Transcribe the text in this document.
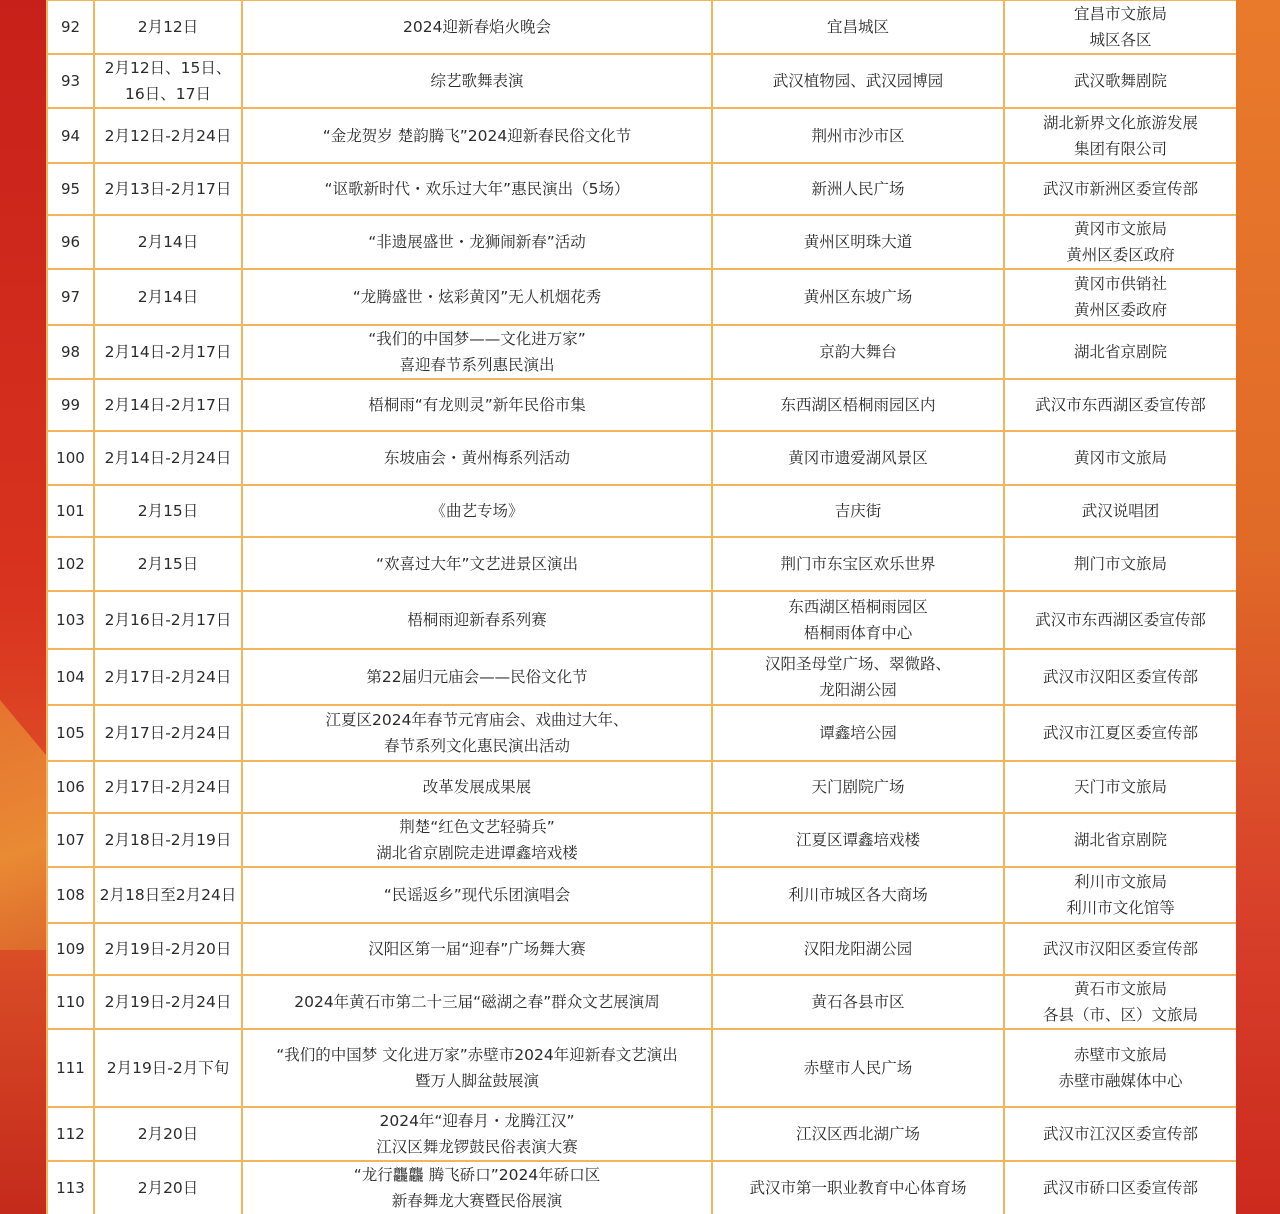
92	2月12日	2024迎新春焰火晚会	宜昌城区	宜昌市文旅局
城区各区
93	2月12日、15日、
16日、17日	综艺歌舞表演	武汉植物园、武汉园博园	武汉歌舞剧院
94	2月12日-2月24日	“金龙贺岁 楚韵腾飞”2024迎新春民俗文化节	荆州市沙市区	湖北新界文化旅游发展
集团有限公司
95	2月13日-2月17日	“讴歌新时代・欢乐过大年”惠民演出（5场）	新洲人民广场	武汉市新洲区委宣传部
96	2月14日	“非遗展盛世・龙狮闹新春”活动	黄州区明珠大道	黄冈市文旅局
黄州区委区政府
97	2月14日	“龙腾盛世・炫彩黄冈”无人机烟花秀	黄州区东坡广场	黄冈市供销社
黄州区委政府
98	2月14日-2月17日	“我们的中国梦——文化进万家”
喜迎春节系列惠民演出	京韵大舞台	湖北省京剧院
99	2月14日-2月17日	梧桐雨“有龙则灵”新年民俗市集	东西湖区梧桐雨园区内	武汉市东西湖区委宣传部
100	2月14日-2月24日	东坡庙会・黄州梅系列活动	黄冈市遗爱湖风景区	黄冈市文旅局
101	2月15日	《曲艺专场》	吉庆街	武汉说唱团
102	2月15日	“欢喜过大年”文艺进景区演出	荆门市东宝区欢乐世界	荆门市文旅局
103	2月16日-2月17日	梧桐雨迎新春系列赛	东西湖区梧桐雨园区
梧桐雨体育中心	武汉市东西湖区委宣传部
104	2月17日-2月24日	第22届归元庙会——民俗文化节	汉阳圣母堂广场、翠微路、
龙阳湖公园	武汉市汉阳区委宣传部
105	2月17日-2月24日	江夏区2024年春节元宵庙会、戏曲过大年、
春节系列文化惠民演出活动	谭鑫培公园	武汉市江夏区委宣传部
106	2月17日-2月24日	改革发展成果展	天门剧院广场	天门市文旅局
107	2月18日-2月19日	荆楚“红色文艺轻骑兵”
湖北省京剧院走进谭鑫培戏楼	江夏区谭鑫培戏楼	湖北省京剧院
108	2月18日至2月24日	“民谣返乡”现代乐团演唱会	利川市城区各大商场	利川市文旅局
利川市文化馆等
109	2月19日-2月20日	汉阳区第一届“迎春”广场舞大赛	汉阳龙阳湖公园	武汉市汉阳区委宣传部
110	2月19日-2月24日	2024年黄石市第二十三届“磁湖之春”群众文艺展演周	黄石各县市区	黄石市文旅局
各县（市、区）文旅局
111	2月19日-2月下旬	“我们的中国梦 文化进万家”赤壁市2024年迎新春文艺演出
暨万人脚盆鼓展演	赤壁市人民广场	赤壁市文旅局
赤壁市融媒体中心
112	2月20日	2024年“迎春月・龙腾江汉”
江汉区舞龙锣鼓民俗表演大赛	江汉区西北湖广场	武汉市江汉区委宣传部
113	2月20日	“龙行龘龘 腾飞硚口”2024年硚口区
新春舞龙大赛暨民俗展演	武汉市第一职业教育中心体育场	武汉市硚口区委宣传部
